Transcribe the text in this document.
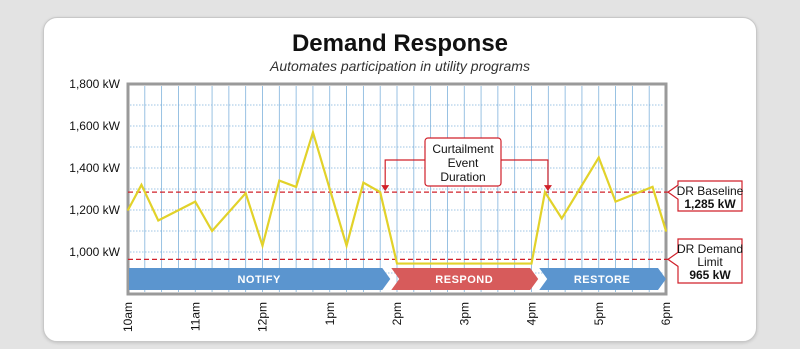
Demand Response
Automates participation in utility programs
1,000 kW
1,200 kW
1,400 kW
1,600 kW
1,800 kW
10am	11am	12pm	1pm	2pm	3pm	4pm	5pm	6pm
NOTIFY	RESPOND	RESTORE
Curtailment
Event
Duration
DR Baseline
1,285 kW
DR Demand
Limit
965 kW
